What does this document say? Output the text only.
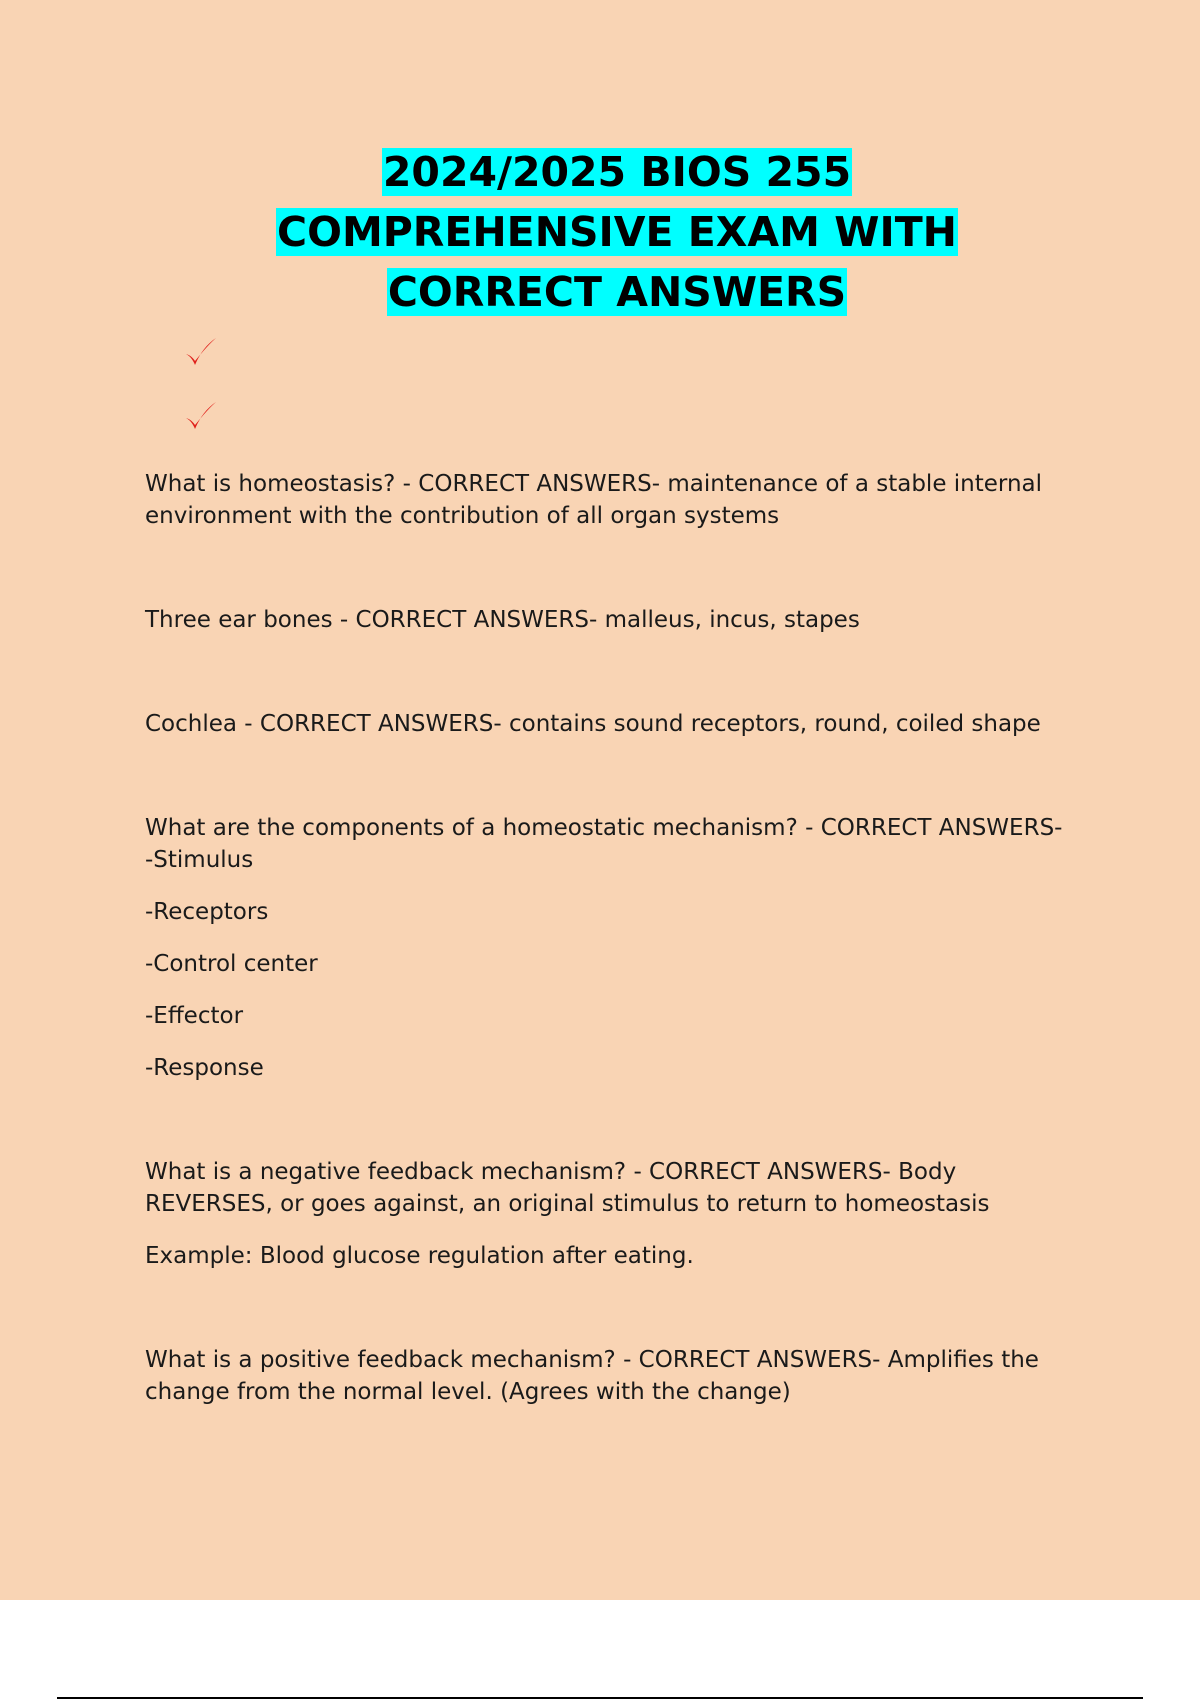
2024/2025 BIOS 255
COMPREHENSIVE EXAM WITH
CORRECT ANSWERS

What is homeostasis? - CORRECT ANSWERS- maintenance of a stable internal environment with the contribution of all organ systems

Three ear bones - CORRECT ANSWERS- malleus, incus, stapes

Cochlea - CORRECT ANSWERS- contains sound receptors, round, coiled shape

What are the components of a homeostatic mechanism? - CORRECT ANSWERS- -Stimulus

-Receptors

-Control center

-Effector

-Response

What is a negative feedback mechanism? - CORRECT ANSWERS- Body REVERSES, or goes against, an original stimulus to return to homeostasis

Example: Blood glucose regulation after eating.

What is a positive feedback mechanism? - CORRECT ANSWERS- Amplifies the change from the normal level. (Agrees with the change)
